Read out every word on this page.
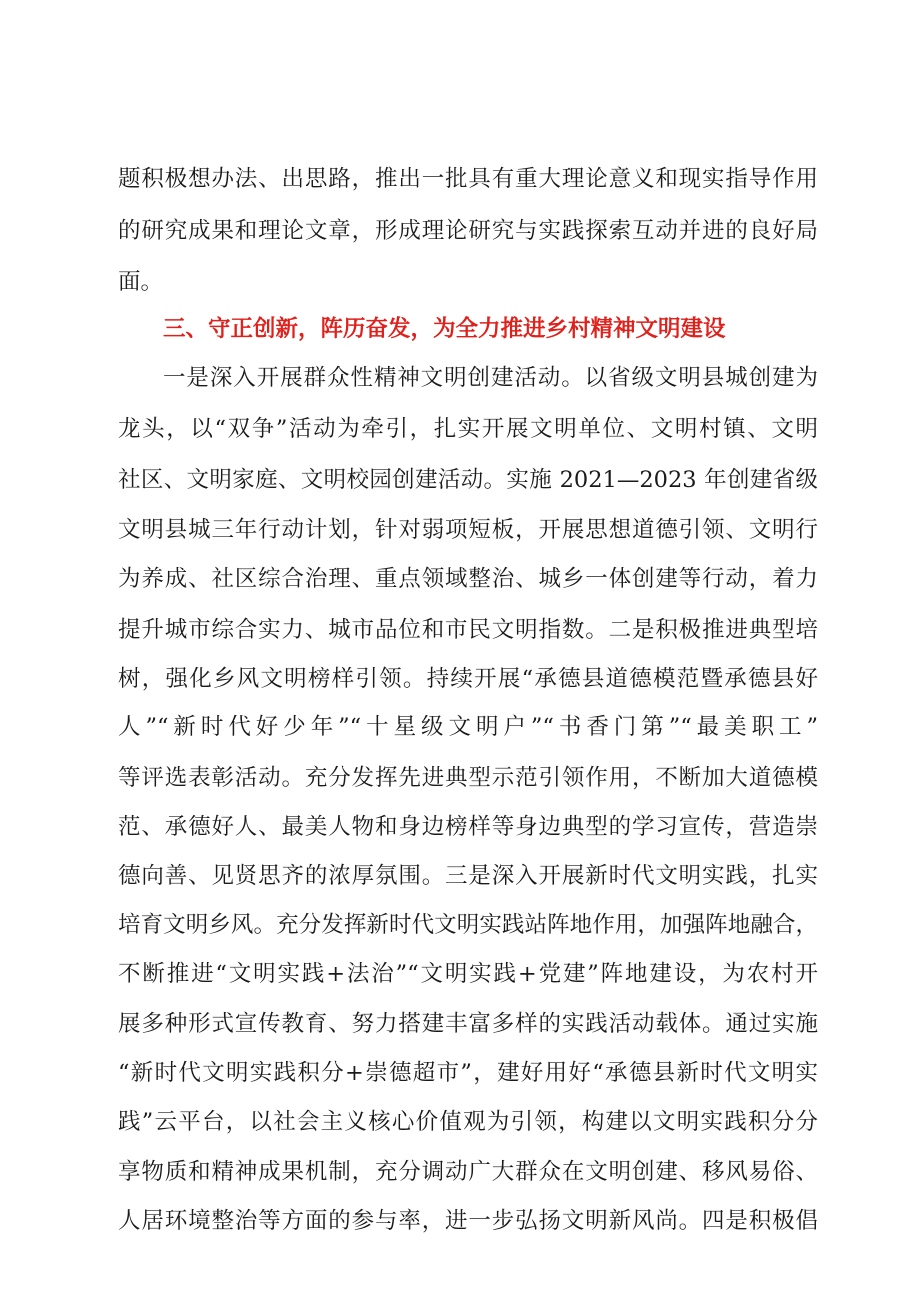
题积极想办法、出思路，推出一批具有重大理论意义和现实指导作用
的研究成果和理论文章，形成理论研究与实践探索互动并进的良好局
面。
三、守正创新，阵历奋发，为全力推进乡村精神文明建设
一是深入开展群众性精神文明创建活动。以省级文明县城创建为
龙头，以“双争”活动为牵引，扎实开展文明单位、文明村镇、文明
社区、文明家庭、文明校园创建活动。实施 2021—2023 年创建省级
文明县城三年行动计划，针对弱项短板，开展思想道德引领、文明行
为养成、社区综合治理、重点领域整治、城乡一体创建等行动，着力
提升城市综合实力、城市品位和市民文明指数。二是积极推进典型培
树，强化乡风文明榜样引领。持续开展“承德县道德模范暨承德县好
人”“新时代好少年”“十星级文明户”“书香门第”“最美职工”
等评选表彰活动。充分发挥先进典型示范引领作用，不断加大道德模
范、承德好人、最美人物和身边榜样等身边典型的学习宣传，营造崇
德向善、见贤思齐的浓厚氛围。三是深入开展新时代文明实践，扎实
培育文明乡风。充分发挥新时代文明实践站阵地作用，加强阵地融合，
不断推进“文明实践+法治”“文明实践+党建”阵地建设，为农村开
展多种形式宣传教育、努力搭建丰富多样的实践活动载体。通过实施
“新时代文明实践积分+崇德超市”，建好用好“承德县新时代文明实
践”云平台，以社会主义核心价值观为引领，构建以文明实践积分分
享物质和精神成果机制，充分调动广大群众在文明创建、移风易俗、
人居环境整治等方面的参与率，进一步弘扬文明新风尚。四是积极倡
